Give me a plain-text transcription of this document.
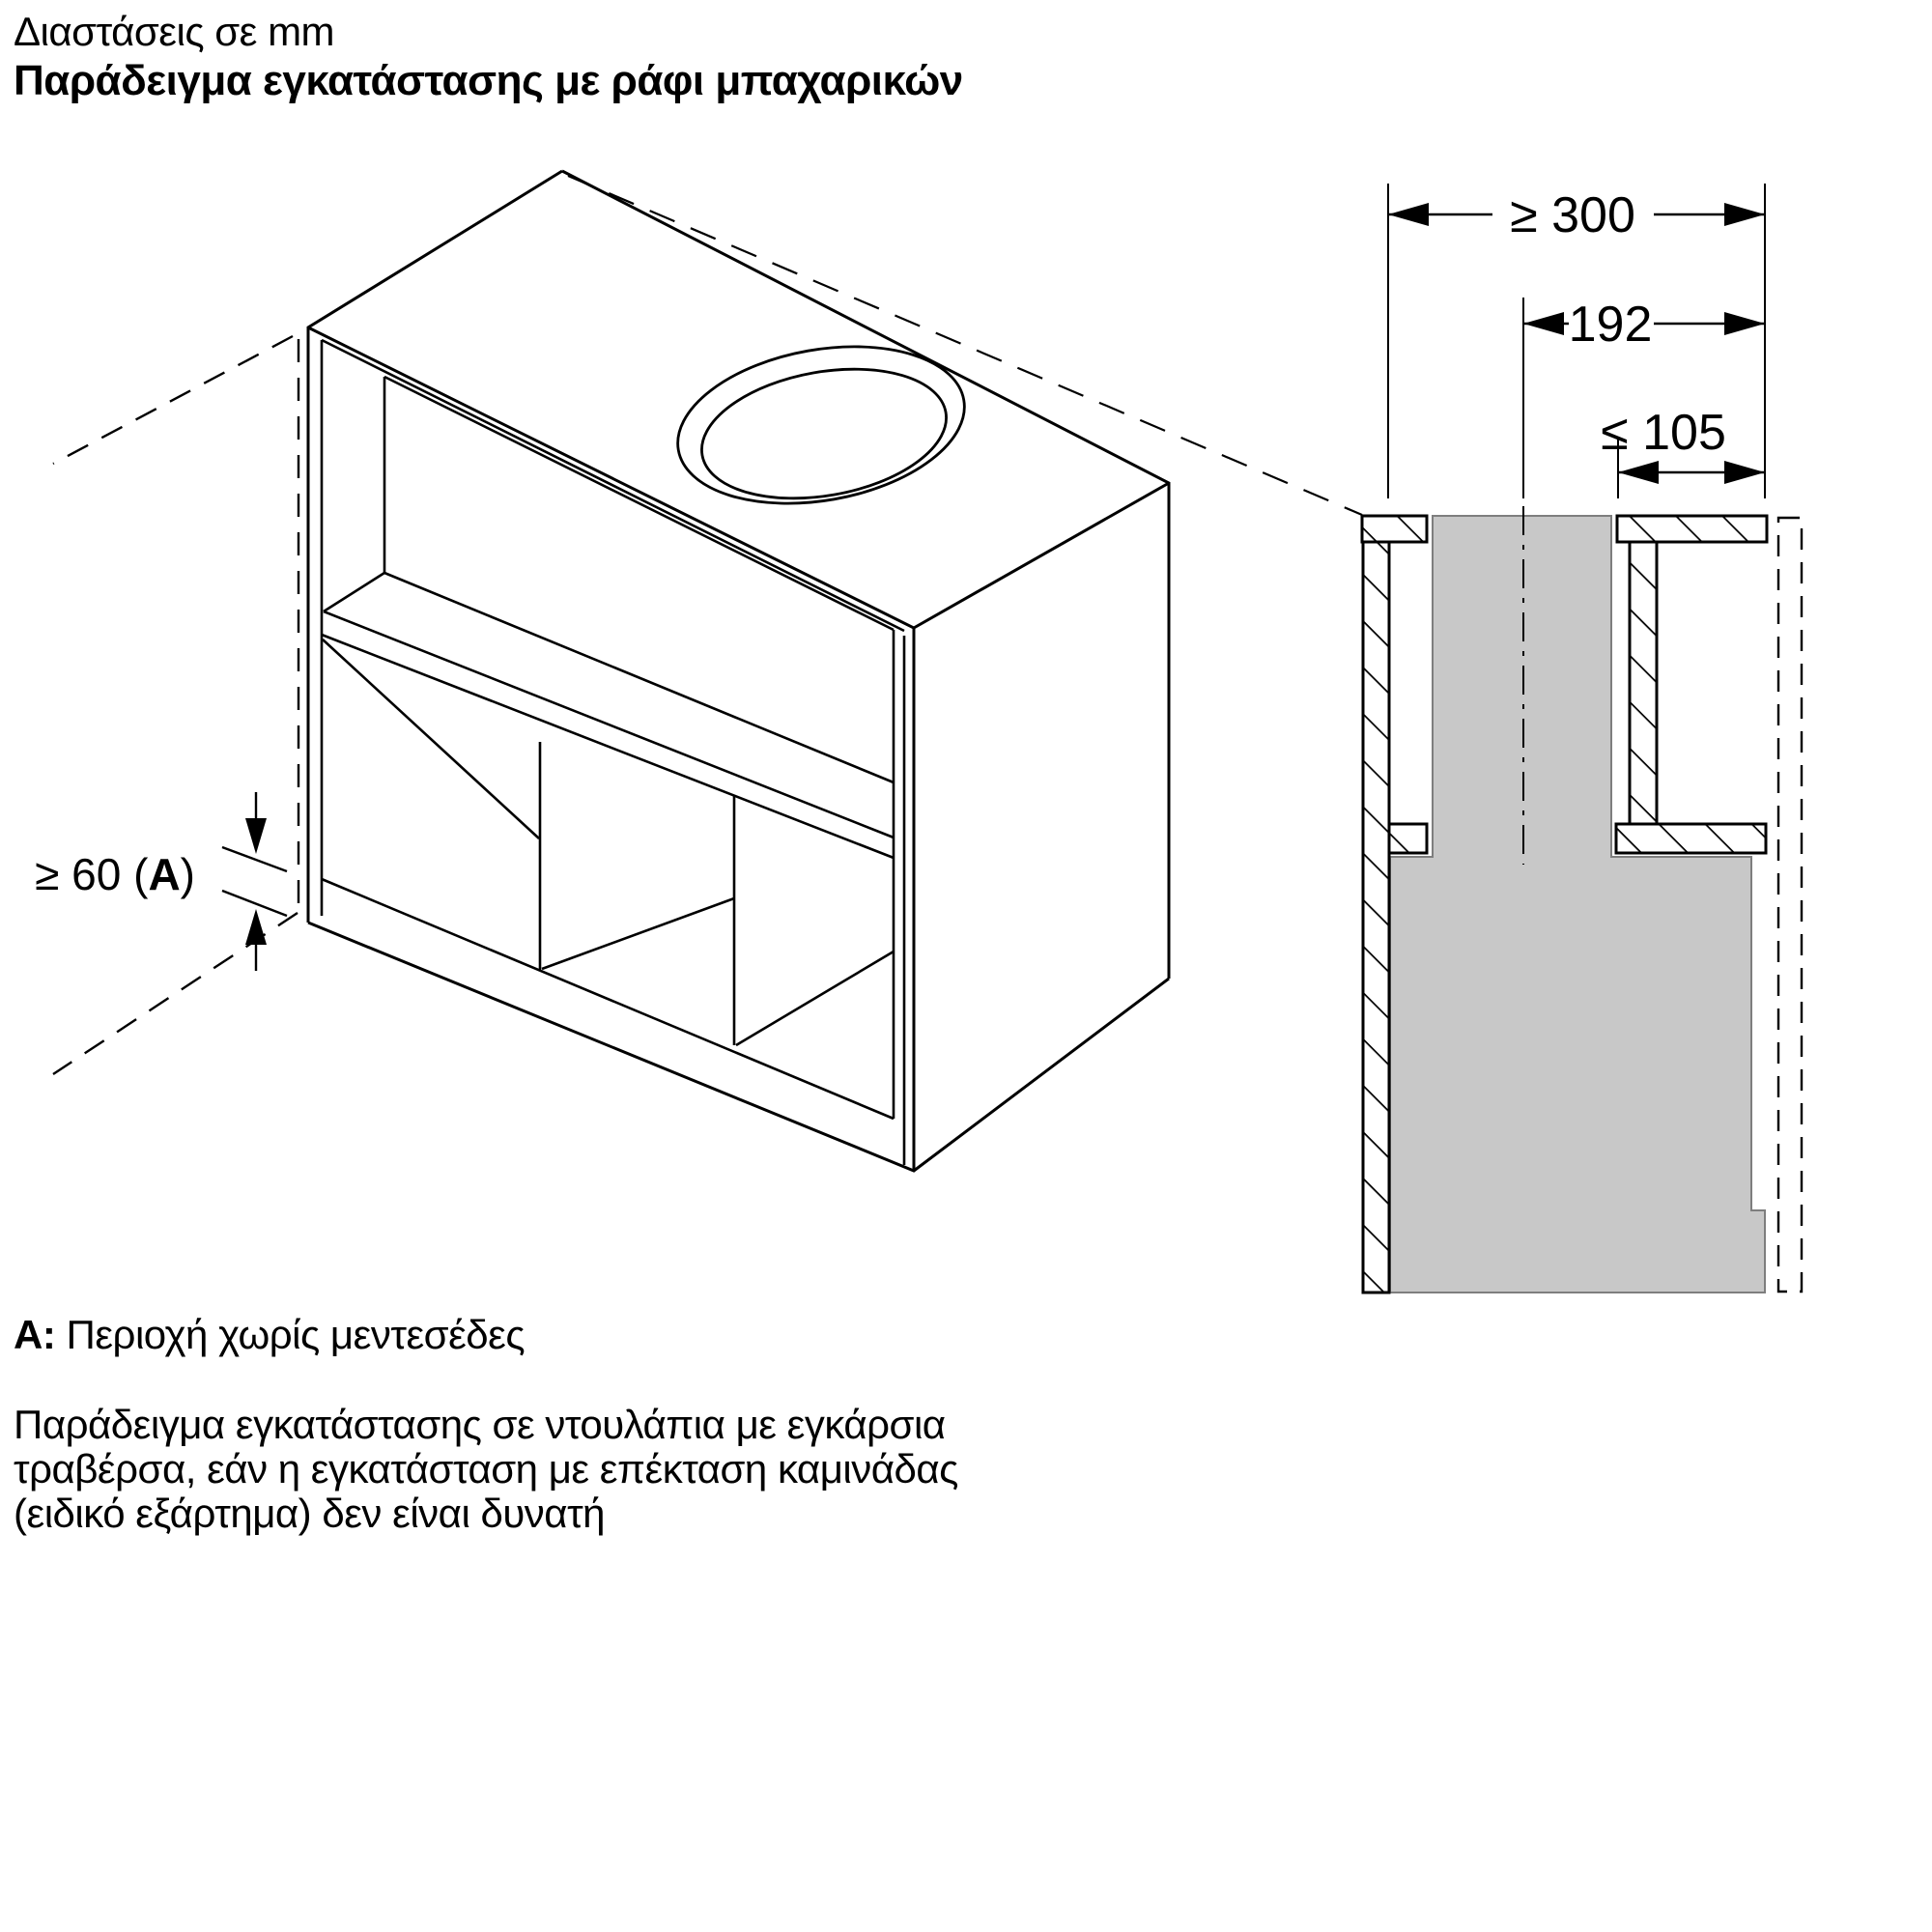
≥ 60 (A)
≥ 300
192
≤ 105
Διαστάσεις σε mm
Παράδειγμα εγκατάστασης με ράφι μπαχαρικών
A: Περιοχή χωρίς μεντεσέδες
Παράδειγμα εγκατάστασης σε ντουλάπια με εγκάρσια
τραβέρσα, εάν η εγκατάσταση με επέκταση καμινάδας
(ειδικό εξάρτημα) δεν είναι δυνατή
